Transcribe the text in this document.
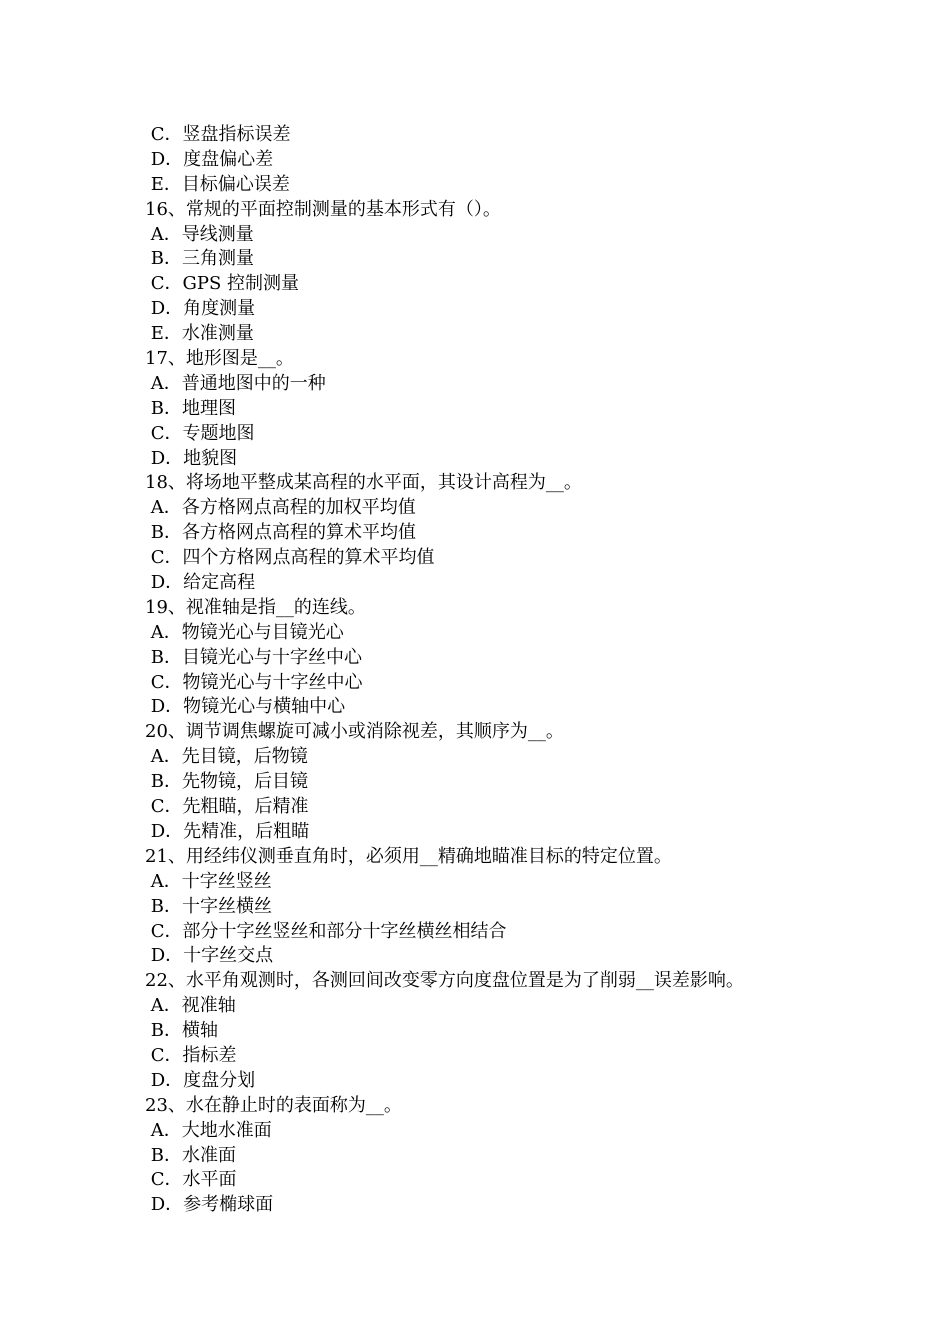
C．竖盘指标误差
D．度盘偏心差
E．目标偏心误差
16、常规的平面控制测量的基本形式有（）。
A．导线测量
B．三角测量
C．GPS 控制测量
D．角度测量
E．水准测量
17、地形图是__。
A．普通地图中的一种
B．地理图
C．专题地图
D．地貌图
18、将场地平整成某高程的水平面，其设计高程为__。
A．各方格网点高程的加权平均值
B．各方格网点高程的算术平均值
C．四个方格网点高程的算术平均值
D．给定高程
19、视准轴是指__的连线。
A．物镜光心与目镜光心
B．目镜光心与十字丝中心
C．物镜光心与十字丝中心
D．物镜光心与横轴中心
20、调节调焦螺旋可减小或消除视差，其顺序为__。
A．先目镜，后物镜
B．先物镜，后目镜
C．先粗瞄，后精准
D．先精准，后粗瞄
21、用经纬仪测垂直角时，必须用__精确地瞄准目标的特定位置。
A．十字丝竖丝
B．十字丝横丝
C．部分十字丝竖丝和部分十字丝横丝相结合
D．十字丝交点
22、水平角观测时，各测回间改变零方向度盘位置是为了削弱__误差影响。
A．视准轴
B．横轴
C．指标差
D．度盘分划
23、水在静止时的表面称为__。
A．大地水准面
B．水准面
C．水平面
D．参考椭球面
